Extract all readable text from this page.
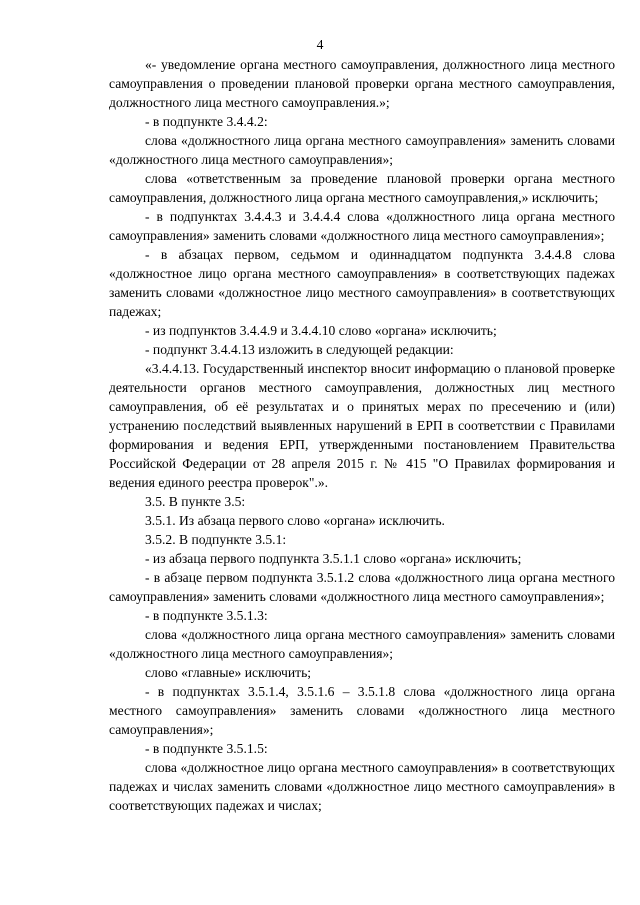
4

«- уведомление органа местного самоуправления, должностного лица местного самоуправления о проведении плановой проверки органа местного самоуправления, должностного лица местного самоуправления.»;

- в подпункте 3.4.4.2:

слова «должностного лица органа местного самоуправления» заменить словами «должностного лица местного самоуправления»;

слова «ответственным за проведение плановой проверки органа местного самоуправления, должностного лица органа местного самоуправления,» исключить;

- в подпунктах 3.4.4.3 и 3.4.4.4 слова «должностного лица органа местного самоуправления» заменить словами «должностного лица местного самоуправления»;

- в абзацах первом, седьмом и одиннадцатом подпункта 3.4.4.8 слова «должностное лицо органа местного самоуправления» в соответствующих падежах заменить словами «должностное лицо местного самоуправления» в соответствующих падежах;

- из подпунктов 3.4.4.9 и 3.4.4.10 слово «органа» исключить;

- подпункт 3.4.4.13 изложить в следующей редакции:

«3.4.4.13. Государственный инспектор вносит информацию о плановой проверке деятельности органов местного самоуправления, должностных лиц местного самоуправления, об её результатах и о принятых мерах по пресечению и (или) устранению последствий выявленных нарушений в ЕРП в соответствии с Правилами формирования и ведения ЕРП, утвержденными постановлением Правительства Российской Федерации от 28 апреля 2015 г. № 415 "О Правилах формирования и ведения единого реестра проверок".».

3.5. В пункте 3.5:

3.5.1. Из абзаца первого слово «органа» исключить.

3.5.2. В подпункте 3.5.1:

- из абзаца первого подпункта 3.5.1.1 слово «органа» исключить;

- в абзаце первом подпункта 3.5.1.2 слова «должностного лица органа местного самоуправления» заменить словами «должностного лица местного самоуправления»;

- в подпункте 3.5.1.3:

слова «должностного лица органа местного самоуправления» заменить словами «должностного лица местного самоуправления»;

слово «главные» исключить;

- в подпунктах 3.5.1.4, 3.5.1.6 – 3.5.1.8 слова «должностного лица органа местного самоуправления» заменить словами «должностного лица местного самоуправления»;

- в подпункте 3.5.1.5:

слова «должностное лицо органа местного самоуправления» в соответствующих падежах и числах заменить словами «должностное лицо местного самоуправления» в соответствующих падежах и числах;
